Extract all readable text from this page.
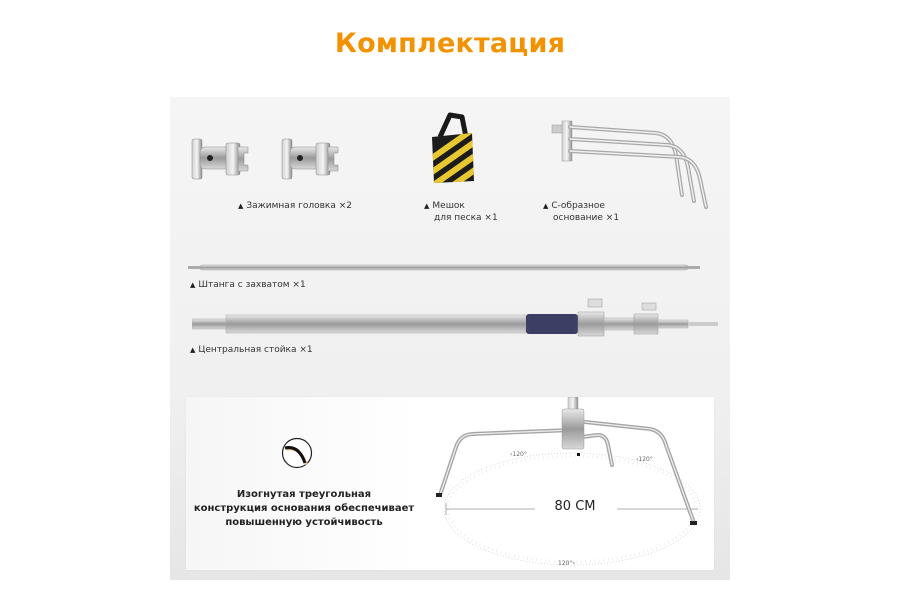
Комплектация
▲ Зажимная головка ×2	▲ Мешок
для песка ×1
▲ C-образное
основание ×1
▲ Штанга с захватом ×1
▲ Центральная стойка ×1
Изогнутая треугольная
конструкция основания обеспечивает
повышенную устойчивость
‹120°
‹120°
120°›
80 СМ
